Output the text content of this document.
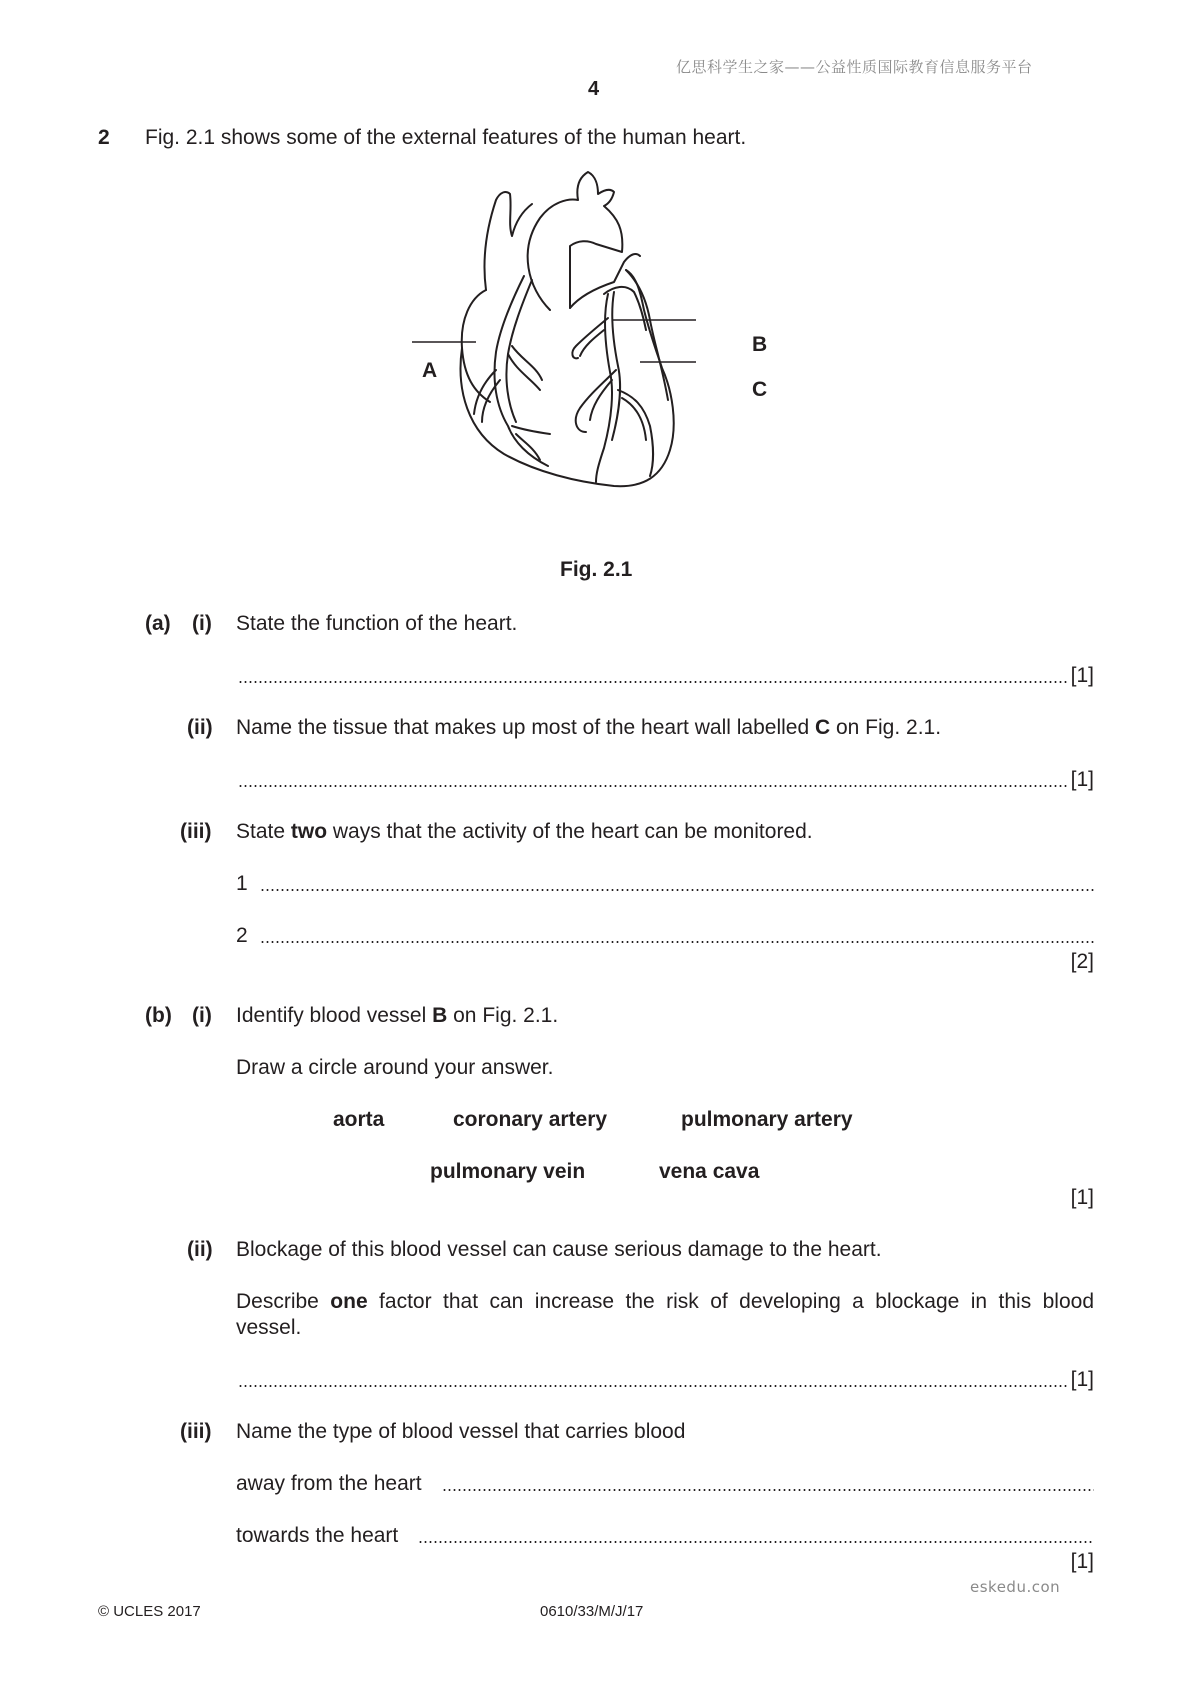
亿思科学生之家——公益性质国际教育信息服务平台
4
2 Fig. 2.1 shows some of the external features of the human heart.
A
B
C
Fig. 2.1
(a) (i) State the function of the heart.
[1]
(ii) Name the tissue that makes up most of the heart wall labelled C on Fig. 2.1.
[1]
(iii) State two ways that the activity of the heart can be monitored.
1
2
[2]
(b) (i) Identify blood vessel B on Fig. 2.1.
Draw a circle around your answer.
aorta	coronary artery	pulmonary artery
pulmonary vein	vena cava
[1]
(ii) Blockage of this blood vessel can cause serious damage to the heart.
Describe one factor that can increase the risk of developing a blockage in this blood
vessel.
[1]
(iii) Name the type of blood vessel that carries blood
away from the heart
towards the heart
[1]
eskedu.con
© UCLES 2017	0610/33/M/J/17
